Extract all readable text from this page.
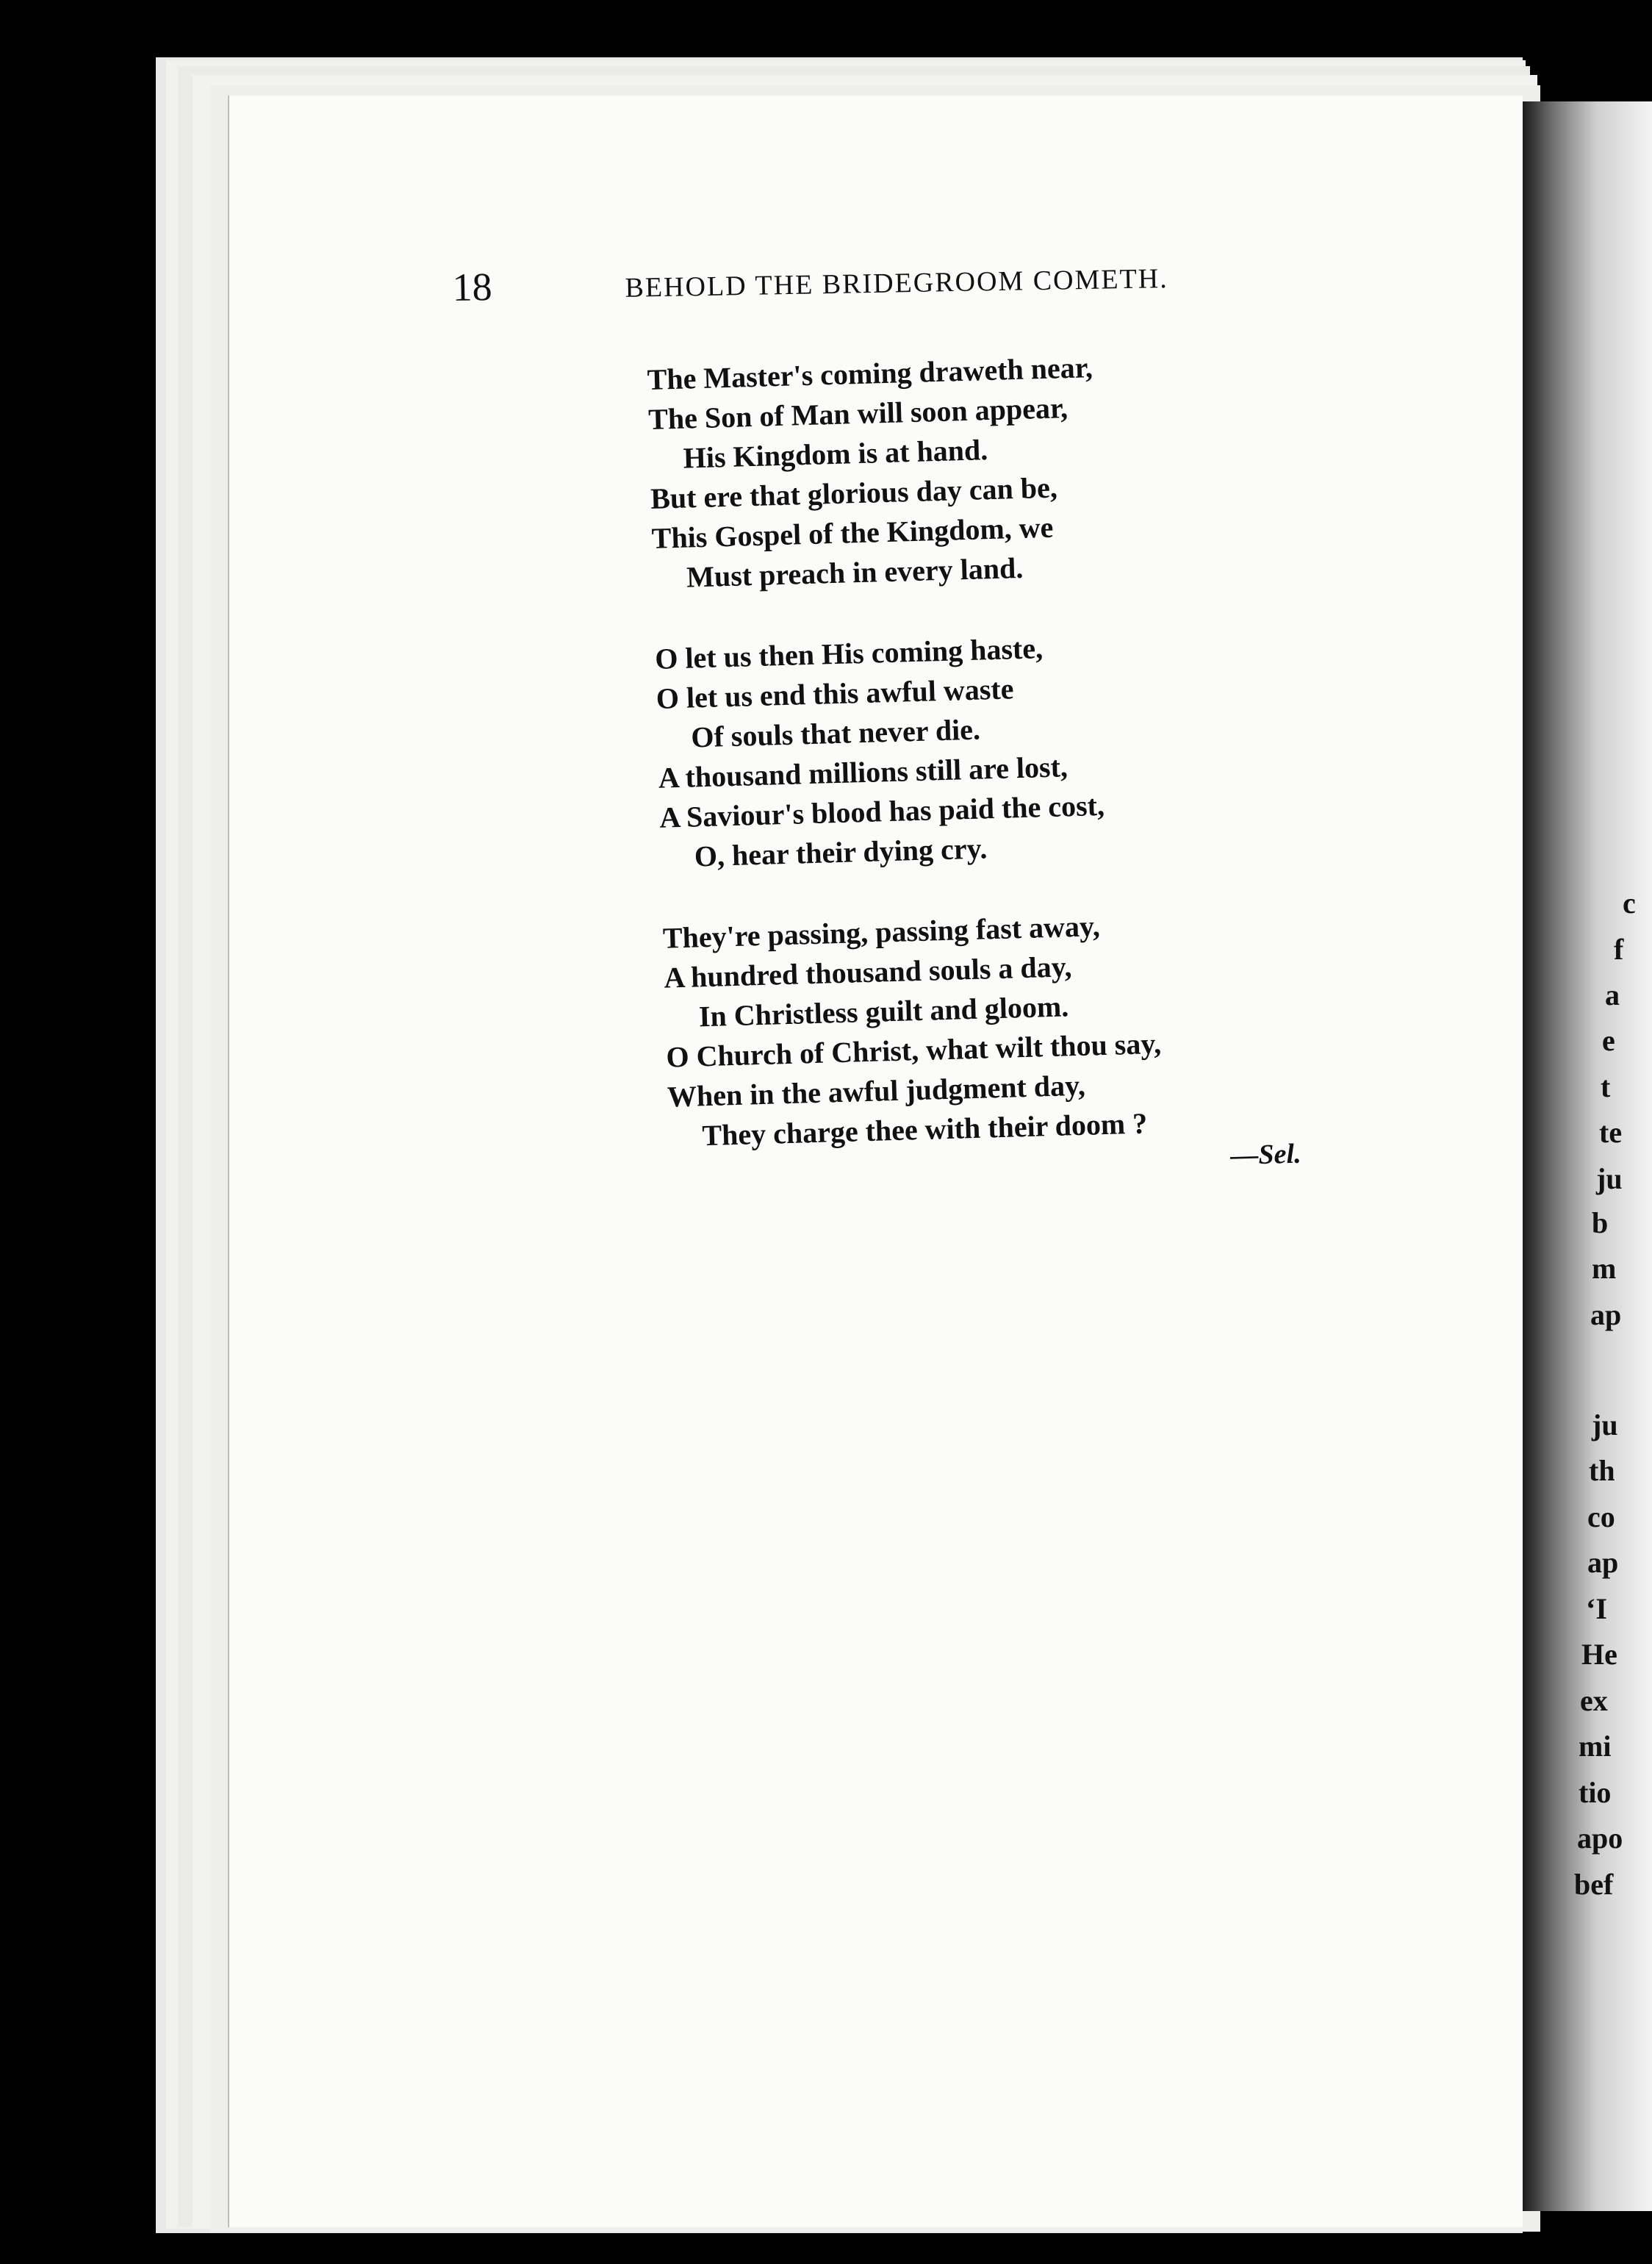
18	BEHOLD THE BRIDEGROOM COMETH.

The Master's coming draweth near,
The Son of Man will soon appear,
His Kingdom is at hand.
But ere that glorious day can be,
This Gospel of the Kingdom, we
Must preach in every land.
O let us then His coming haste,
O let us end this awful waste
Of souls that never die.
A thousand millions still are lost,
A Saviour's blood has paid the cost,
O, hear their dying cry.
They're passing, passing fast away,
A hundred thousand souls a day,
In Christless guilt and gloom.
O Church of Christ, what wilt thou say,
When in the awful judgment day,
They charge thee with their doom ?
—Sel.

c

f

a

e

t

te

ju

b

m

ap

ju

th

co

ap

‘I

He

ex

mi

tio

apo

bef
